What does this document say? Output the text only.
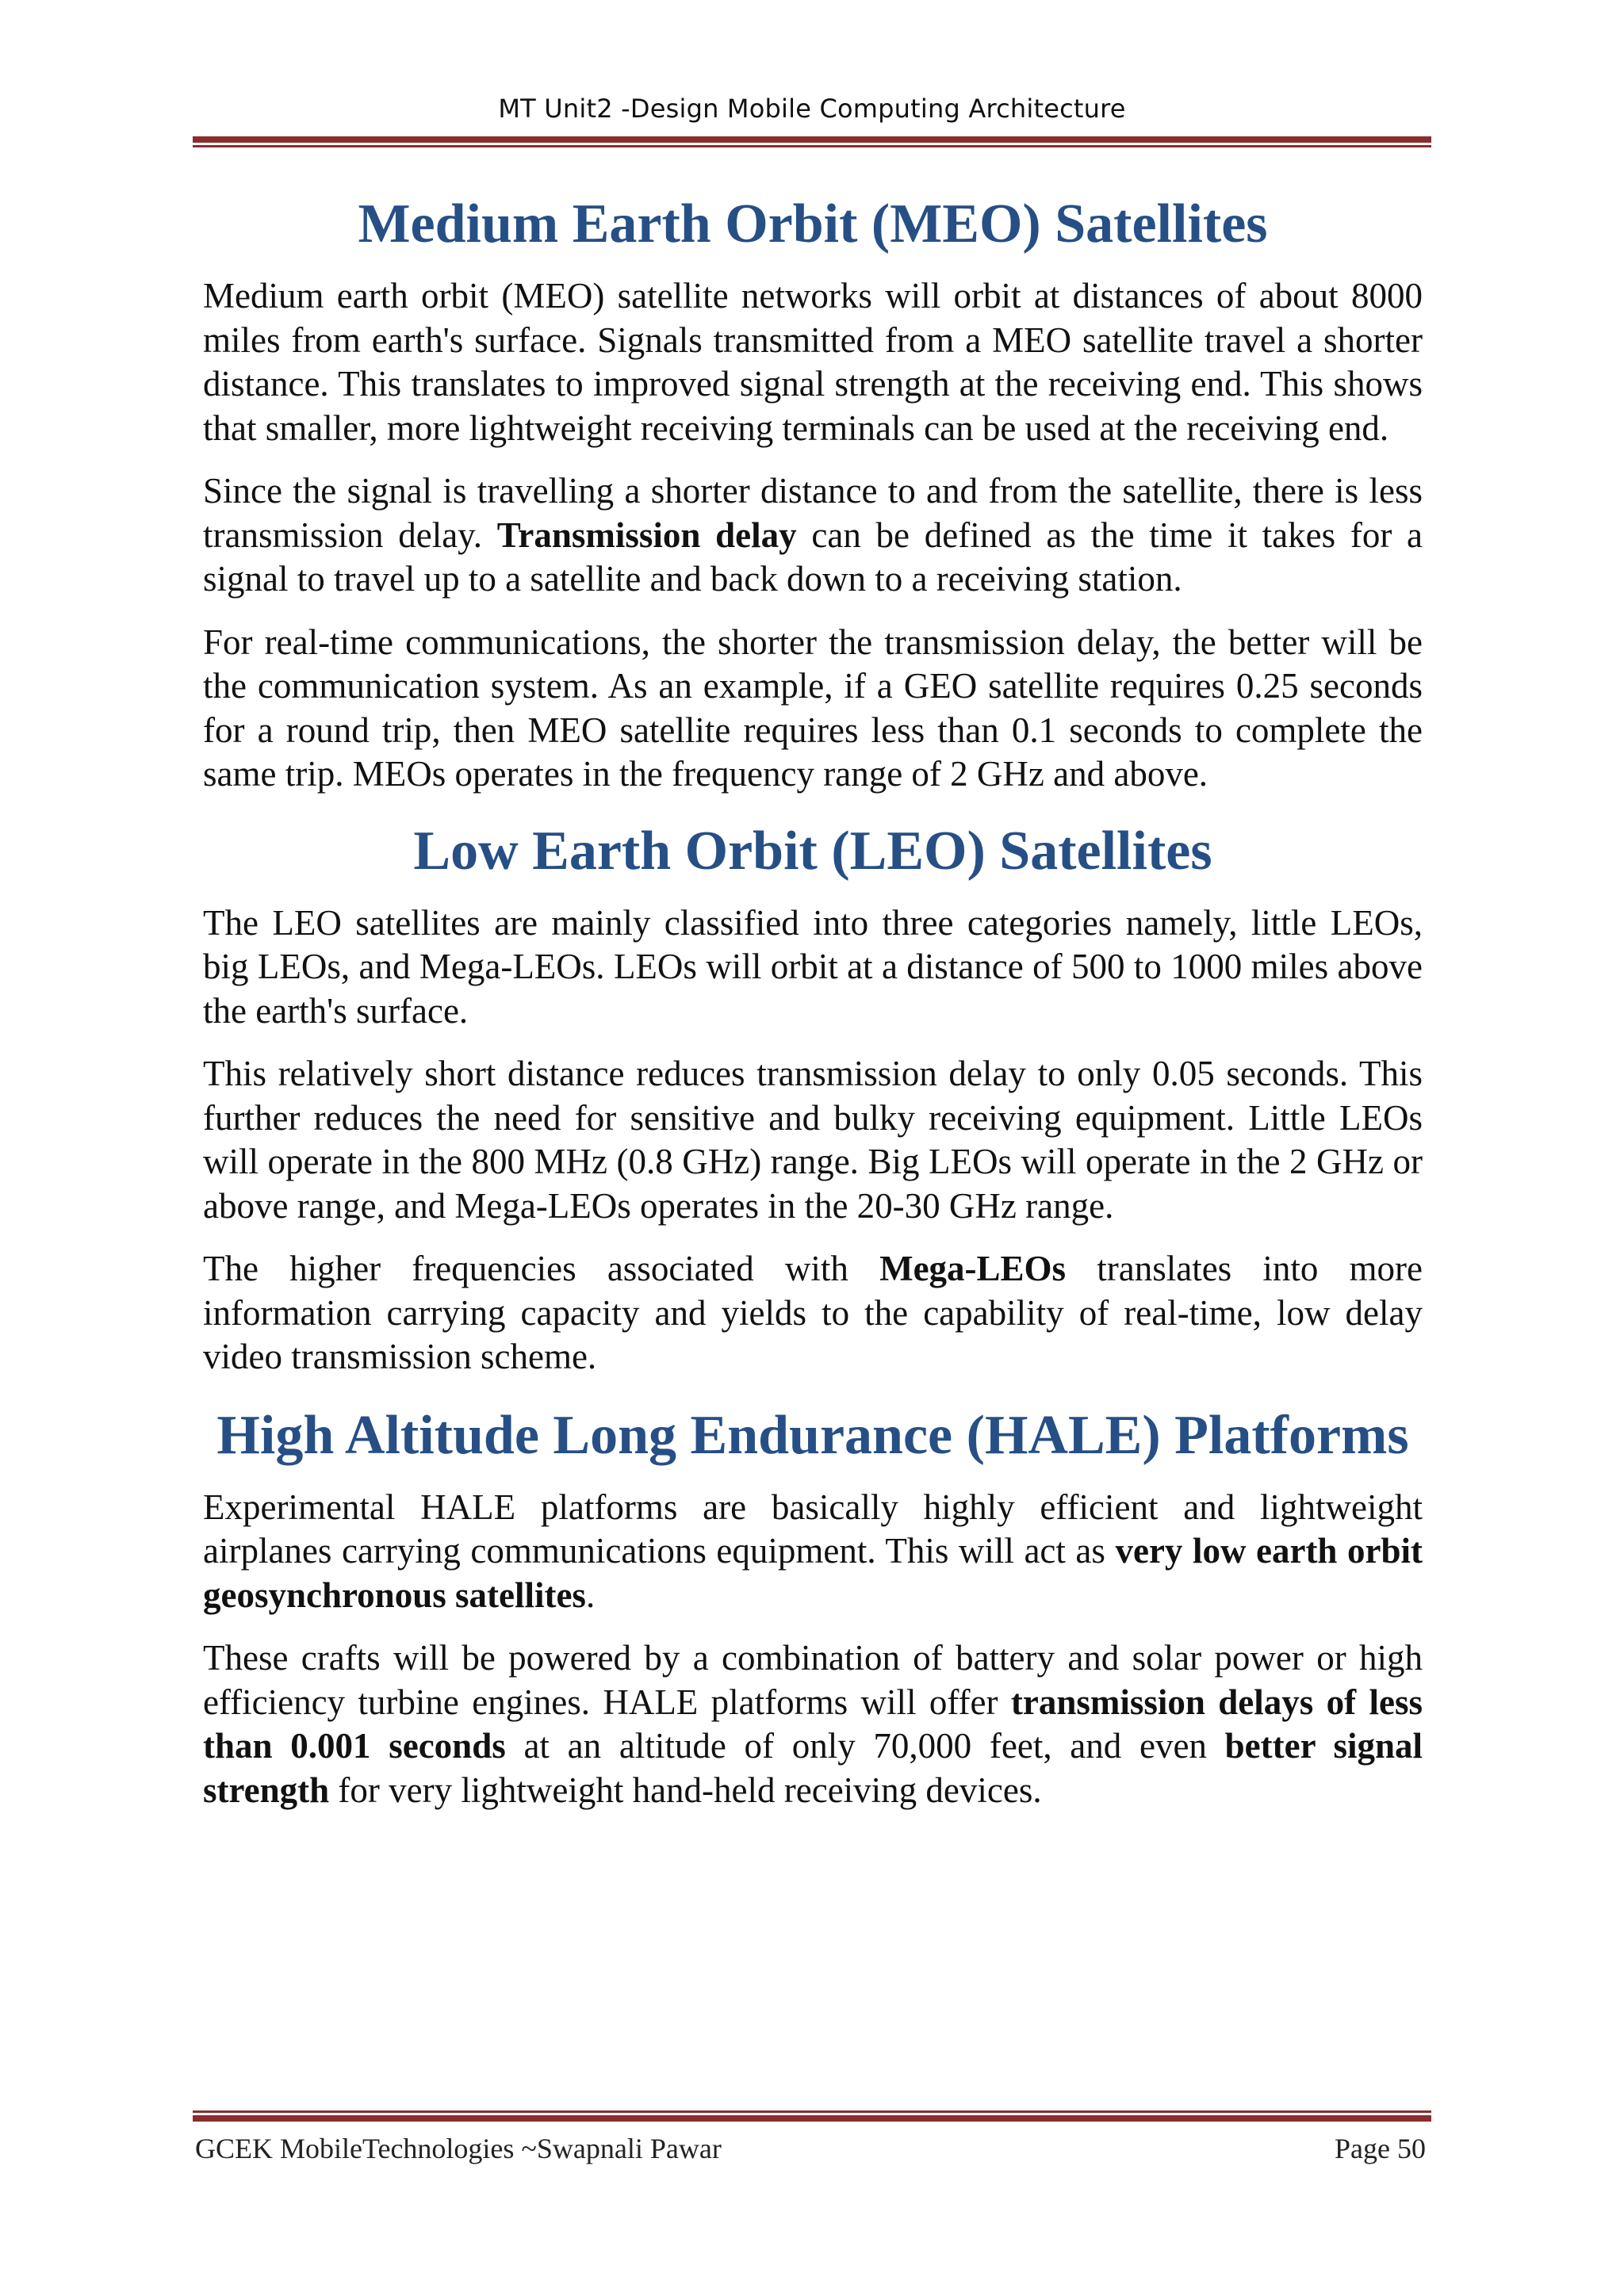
MT Unit2 -Design Mobile Computing Architecture
Medium Earth Orbit (MEO) Satellites

Medium earth orbit (MEO) satellite networks will orbit at distances of about 8000 miles from earth's surface. Signals transmitted from a MEO satellite travel a shorter distance. This translates to improved signal strength at the receiving end. This shows that smaller, more lightweight receiving terminals can be used at the receiving end.

Since the signal is travelling a shorter distance to and from the satellite, there is less transmission delay. Transmission delay can be defined as the time it takes for a signal to travel up to a satellite and back down to a receiving station.

For real-time communications, the shorter the transmission delay, the better will be the communication system. As an example, if a GEO satellite requires 0.25 seconds for a round trip, then MEO satellite requires less than 0.1 seconds to complete the same trip. MEOs operates in the frequency range of 2 GHz and above.

Low Earth Orbit (LEO) Satellites

The LEO satellites are mainly classified into three categories namely, little LEOs, big LEOs, and Mega-LEOs. LEOs will orbit at a distance of 500 to 1000 miles above the earth's surface.

This relatively short distance reduces transmission delay to only 0.05 seconds. This further reduces the need for sensitive and bulky receiving equipment. Little LEOs will operate in the 800 MHz (0.8 GHz) range. Big LEOs will operate in the 2 GHz or above range, and Mega-LEOs operates in the 20-30 GHz range.

The higher frequencies associated with Mega-LEOs translates into more information carrying capacity and yields to the capability of real-time, low delay video transmission scheme.

High Altitude Long Endurance (HALE) Platforms

Experimental HALE platforms are basically highly efficient and lightweight airplanes carrying communications equipment. This will act as very low earth orbit geosynchronous satellites.

These crafts will be powered by a combination of battery and solar power or high efficiency turbine engines. HALE platforms will offer transmission delays of less than 0.001 seconds at an altitude of only 70,000 feet, and even better signal strength for very lightweight hand-held receiving devices.

GCEK MobileTechnologies ~Swapnali Pawar	Page 50
